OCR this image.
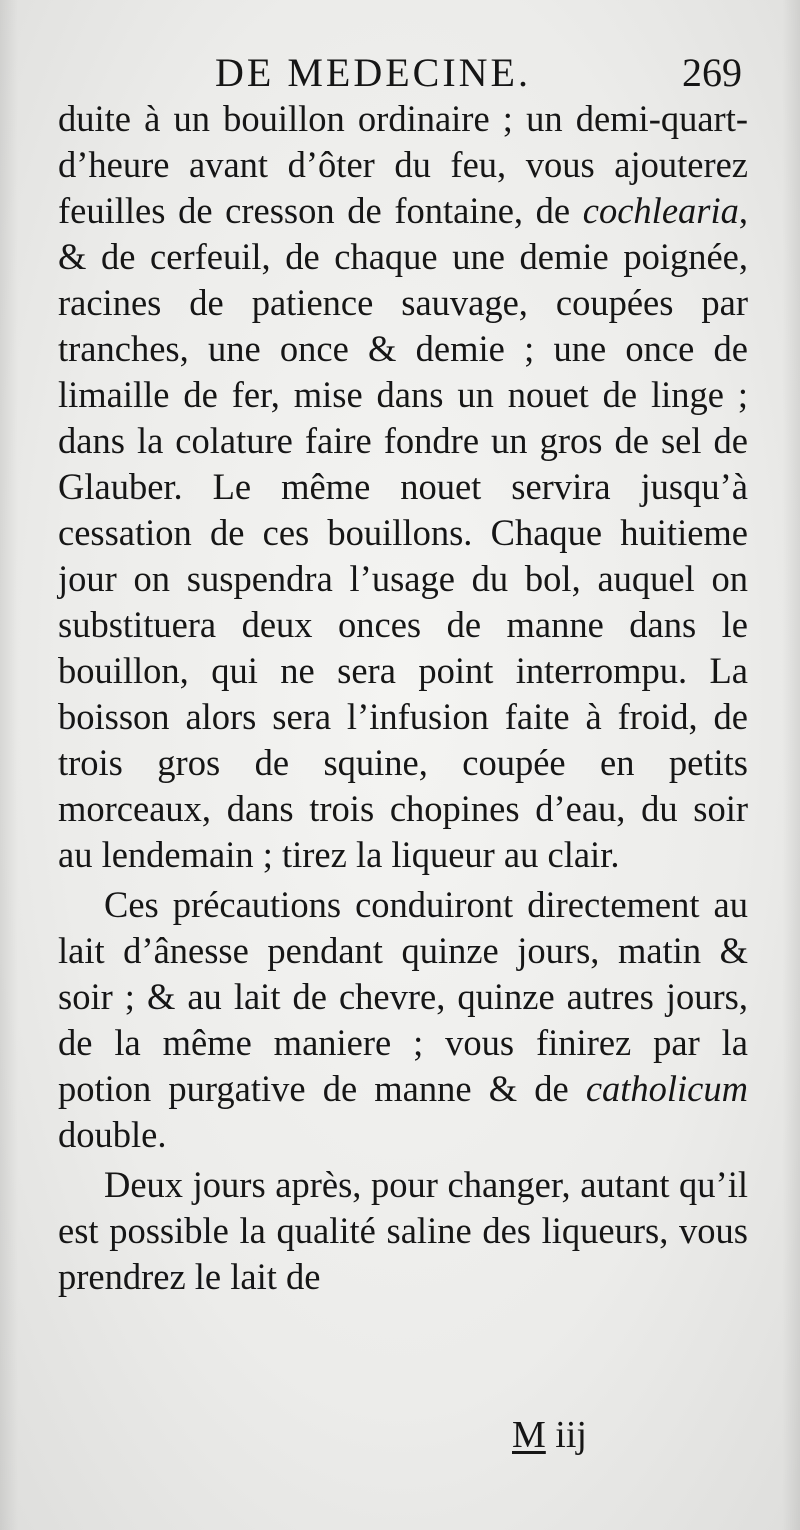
DE MEDECINE.	269

duite à un bouillon ordinaire ; un demi-quart-d’heure avant d’ôter du feu, vous ajouterez feuilles de cresson de fontaine, de cochlearia, & de cerfeuil, de chaque une demie poignée, racines de patience sauvage, coupées par tranches, une once & demie ; une once de limaille de fer, mise dans un nouet de linge ; dans la colature faire fondre un gros de sel de Glauber. Le même nouet servira jusqu’à cessation de ces bouillons. Chaque huitieme jour on suspendra l’usage du bol, auquel on substituera deux onces de manne dans le bouillon, qui ne sera point interrompu. La boisson alors sera l’infusion faite à froid, de trois gros de squine, coupée en petits morceaux, dans trois chopines d’eau, du soir au lendemain ; tirez la liqueur au clair.

Ces précautions conduiront directement au lait d’ânesse pendant quinze jours, matin & soir ; & au lait de chevre, quinze autres jours, de la même maniere ; vous finirez par la potion purgative de manne & de catholicum double.

Deux jours après, pour changer, autant qu’il est possible la qualité saline des liqueurs, vous prendrez le lait de

M iij
